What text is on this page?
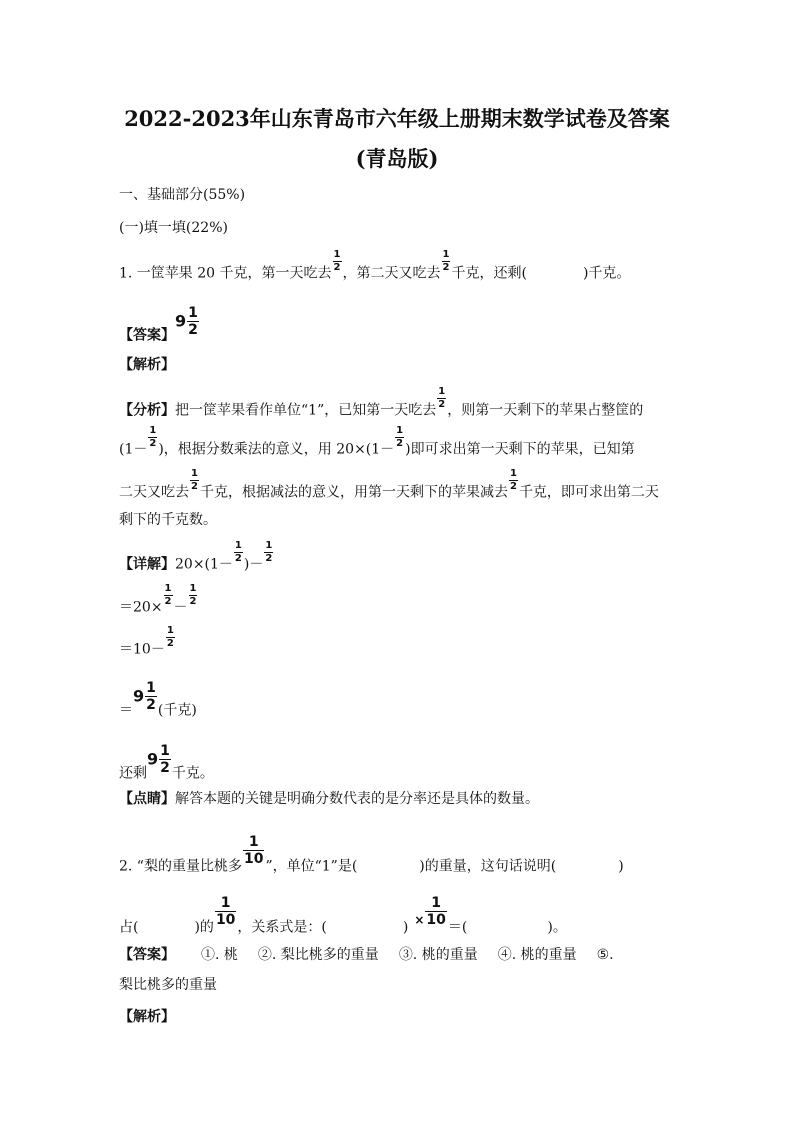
2022-2023年山东青岛市六年级上册期末数学试卷及答案
(青岛版)
一、基础部分(55%)
(一)填一填(22%)
1. 一筐苹果 20 千克，第一天吃去
$\frac{1}{2}$
，第二天又吃去
$\frac{1}{2}$
千克，还剩(	)千克。
【答案】$9 \frac{1}{2}$
【解析】
【分析】把一筐苹果看作单位“1”，已知第一天吃去
$\frac{1}{2}$
，则第一天剩下的苹果占整筐的
(1－
$\frac{1}{2}$
)，根据分数乘法的意义，用 20×(1－
$\frac{1}{2}$
)即可求出第一天剩下的苹果，已知第
二天又吃去
$\frac{1}{2}$
千克，根据减法的意义，用第一天剩下的苹果减去
$\frac{1}{2}$
千克，即可求出第二天
剩下的千克数。
【详解】20×(1－
$\frac{1}{2}$
)－
$\frac{1}{2}$
＝20×
$\frac{1}{2}$
－
$\frac{1}{2}$
＝10－
$\frac{1}{2}$
$=9 \frac{1}{2}$ (千克)
还剩$9 \frac{1}{2}$ 千克。
【点睛】解答本题的关键是明确分数代表的是分率还是具体的数量。
2. “梨的重量比桃多
$\frac{1}{10}$
”，单位“1”是(	)的重量，这句话说明(	)
占(	)的
$\frac{1}{10}$
，关系式是：(	) × $\frac{1}{10}$
＝(	)。
【答案】 ①. 桃 ②. 梨比桃多的重量 ③. 桃的重量 ④. 桃的重量 ⑤.
梨比桃多的重量
【解析】
